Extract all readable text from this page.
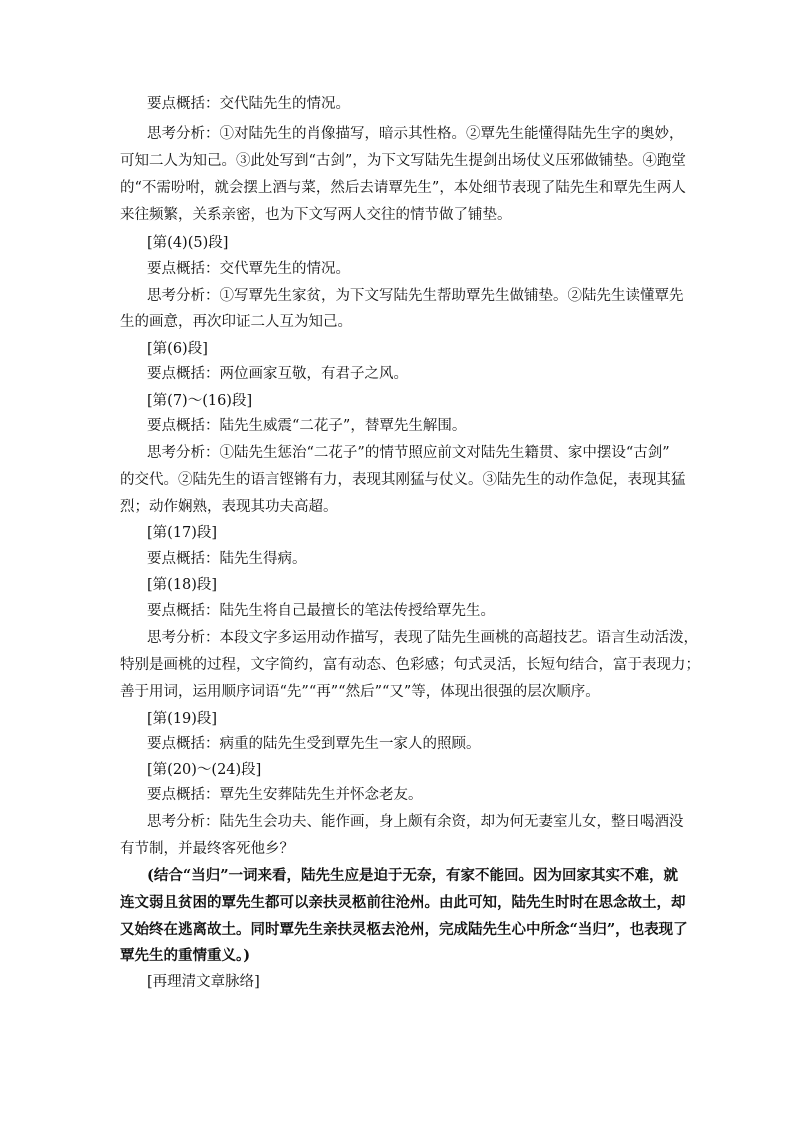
要点概括：交代陆先生的情况。
思考分析：①对陆先生的肖像描写，暗示其性格。②覃先生能懂得陆先生字的奥妙，
可知二人为知己。③此处写到“古剑”，为下文写陆先生提剑出场仗义压邪做铺垫。④跑堂
的“不需吩咐，就会摆上酒与菜，然后去请覃先生”，本处细节表现了陆先生和覃先生两人
来往频繁，关系亲密，也为下文写两人交往的情节做了铺垫。
[第(4)(5)段]
要点概括：交代覃先生的情况。
思考分析：①写覃先生家贫，为下文写陆先生帮助覃先生做铺垫。②陆先生读懂覃先
生的画意，再次印证二人互为知己。
[第(6)段]
要点概括：两位画家互敬，有君子之风。
[第(7)～(16)段]
要点概括：陆先生威震“二花子”，替覃先生解围。
思考分析：①陆先生惩治“二花子”的情节照应前文对陆先生籍贯、家中摆设“古剑”
的交代。②陆先生的语言铿锵有力，表现其刚猛与仗义。③陆先生的动作急促，表现其猛
烈；动作娴熟，表现其功夫高超。
[第(17)段]
要点概括：陆先生得病。
[第(18)段]
要点概括：陆先生将自己最擅长的笔法传授给覃先生。
思考分析：本段文字多运用动作描写，表现了陆先生画桃的高超技艺。语言生动活泼，
特别是画桃的过程，文字简约，富有动态、色彩感；句式灵活，长短句结合，富于表现力；
善于用词，运用顺序词语“先”“再”“然后”“又”等，体现出很强的层次顺序。
[第(19)段]
要点概括：病重的陆先生受到覃先生一家人的照顾。
[第(20)～(24)段]
要点概括：覃先生安葬陆先生并怀念老友。
思考分析：陆先生会功夫、能作画，身上颇有余资，却为何无妻室儿女，整日喝酒没
有节制，并最终客死他乡？
(结合“当归”一词来看，陆先生应是迫于无奈，有家不能回。因为回家其实不难，就
连文弱且贫困的覃先生都可以亲扶灵柩前往沧州。由此可知，陆先生时时在思念故土，却
又始终在逃离故土。同时覃先生亲扶灵柩去沧州，完成陆先生心中所念“当归”，也表现了
覃先生的重情重义。)
[再理清文章脉络]
